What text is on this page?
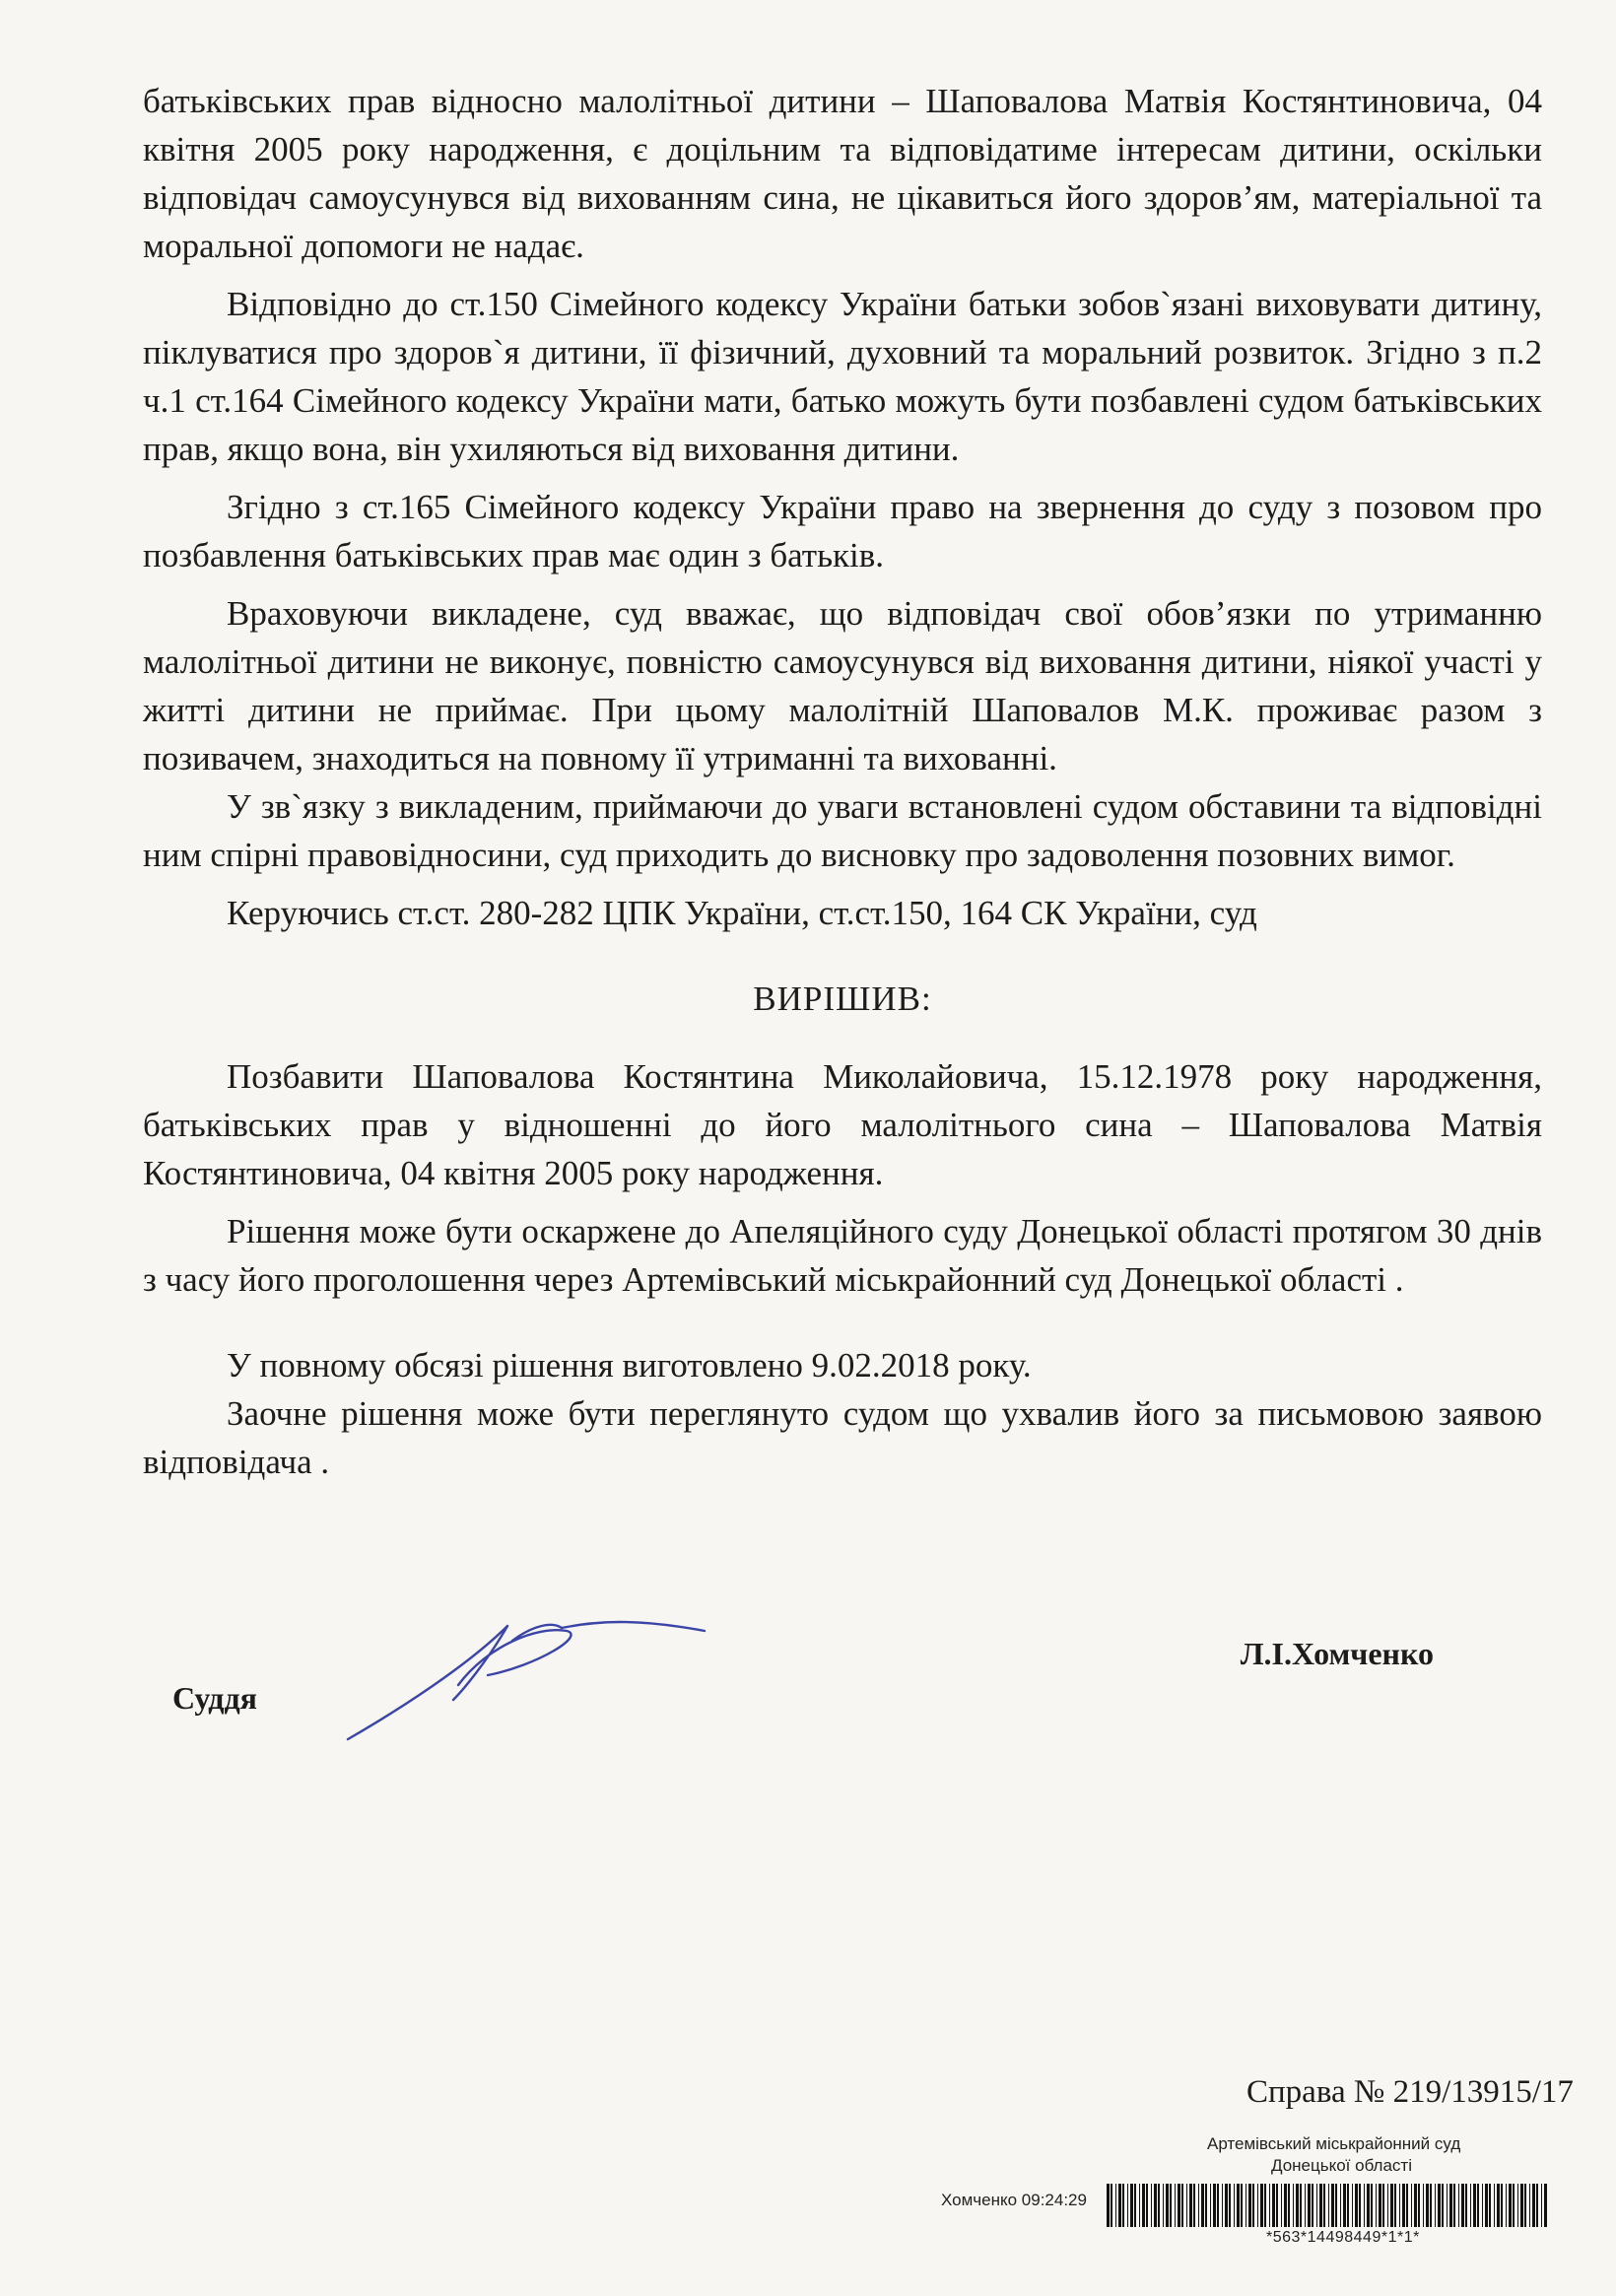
батьківських прав відносно малолітньої дитини – Шаповалова Матвія Костянтиновича, 04 квітня 2005 року народження, є доцільним та відповідатиме інтересам дитини, оскільки відповідач самоусунувся від вихованням сина, не цікавиться його здоров’ям, матеріальної та моральної допомоги не надає.

Відповідно до ст.150 Сімейного кодексу України батьки зобов`язані виховувати дитину, піклуватися про здоров`я дитини, її фізичний, духовний та моральний розвиток. Згідно з п.2 ч.1 ст.164 Сімейного кодексу України мати, батько можуть бути позбавлені судом батьківських прав, якщо вона, він ухиляються від виховання дитини.

Згідно з ст.165 Сімейного кодексу України право на звернення до суду з позовом про позбавлення батьківських прав має один з батьків.

Враховуючи викладене, суд вважає, що відповідач свої обов’язки по утриманню малолітньої дитини не виконує, повністю самоусунувся від виховання дитини, ніякої участі у житті дитини не приймає. При цьому малолітній Шаповалов М.К. проживає разом з позивачем, знаходиться на повному її утриманні та вихованні.

У зв`язку з викладеним, приймаючи до уваги встановлені судом обставини та відповідні ним спірні правовідносини, суд приходить до висновку про задоволення позовних вимог.

Керуючись ст.ст. 280-282 ЦПК України, ст.ст.150, 164 СК України, суд

ВИРІШИВ:

Позбавити Шаповалова Костянтина Миколайовича, 15.12.1978 року народження, батьківських прав у відношенні до його малолітнього сина – Шаповалова Матвія Костянтиновича, 04 квітня 2005 року народження.

Рішення може бути оскаржене до Апеляційного суду Донецької області протягом 30 днів з часу його проголошення через Артемівський міськрайонний суд Донецької області .

У повному обсязі рішення виготовлено 9.02.2018 року.

Заочне рішення може бути переглянуто судом що ухвалив його за письмовою заявою відповідача .

Суддя
Л.І.Хомченко
Справа № 219/13915/17
Артемівський міськрайонний суд
Донецької області
Хомченко 09:24:29
*563*14498449*1*1*
